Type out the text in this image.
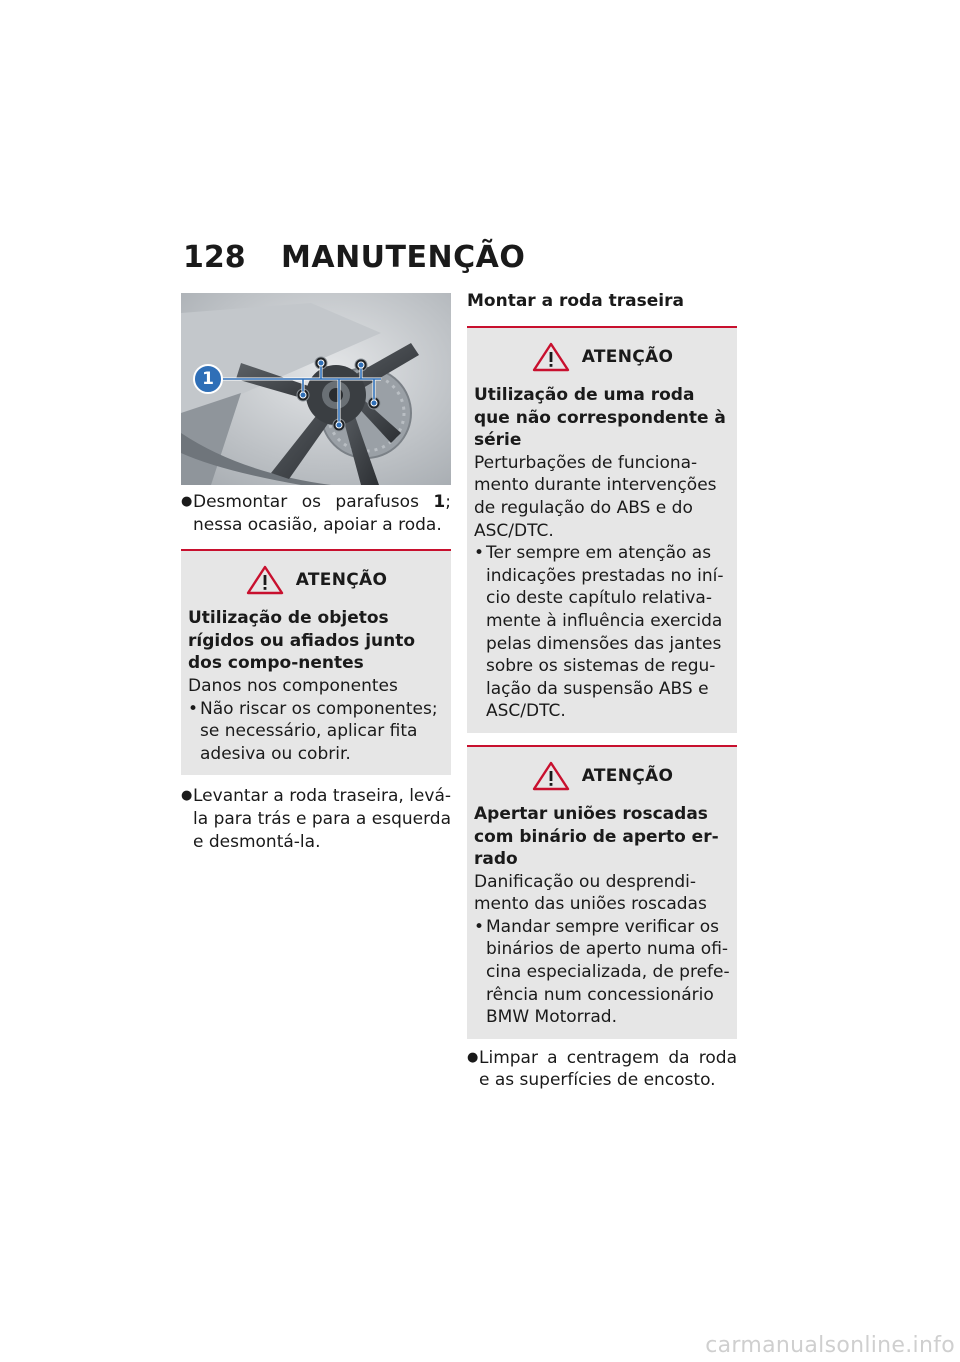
128	MANUTENÇÃO
1
● Desmontar os parafusos 1; nessa ocasião, apoiar a roda.

ATENÇÃO

Utilização de objetos rígidos ou afiados junto dos compo-nentes

Danos nos componentes

• Não riscar os componentes; se necessário, aplicar fita adesiva ou cobrir.
● Levantar a roda traseira, levá-la para trás e para a esquerda e desmontá-la.

Montar a roda traseira
ATENÇÃO

Utilização de uma roda que não correspondente à série

Perturbações de funciona-mento durante intervenções de regulação do ABS e do ASC/DTC.

• Ter sempre em atenção as indicações prestadas no iní-cio deste capítulo relativa-mente à influência exercida pelas dimensões das jantes sobre os sistemas de regu-lação da suspensão ABS e ASC/DTC.
ATENÇÃO

Apertar uniões roscadas com binário de aperto er-rado

Danificação ou desprendi-mento das uniões roscadas

• Mandar sempre verificar os binários de aperto numa ofi-cina especializada, de prefe-rência num concessionário BMW Motorrad.
● Limpar a centragem da roda e as superfícies de encosto.

carmanualsonline.info
